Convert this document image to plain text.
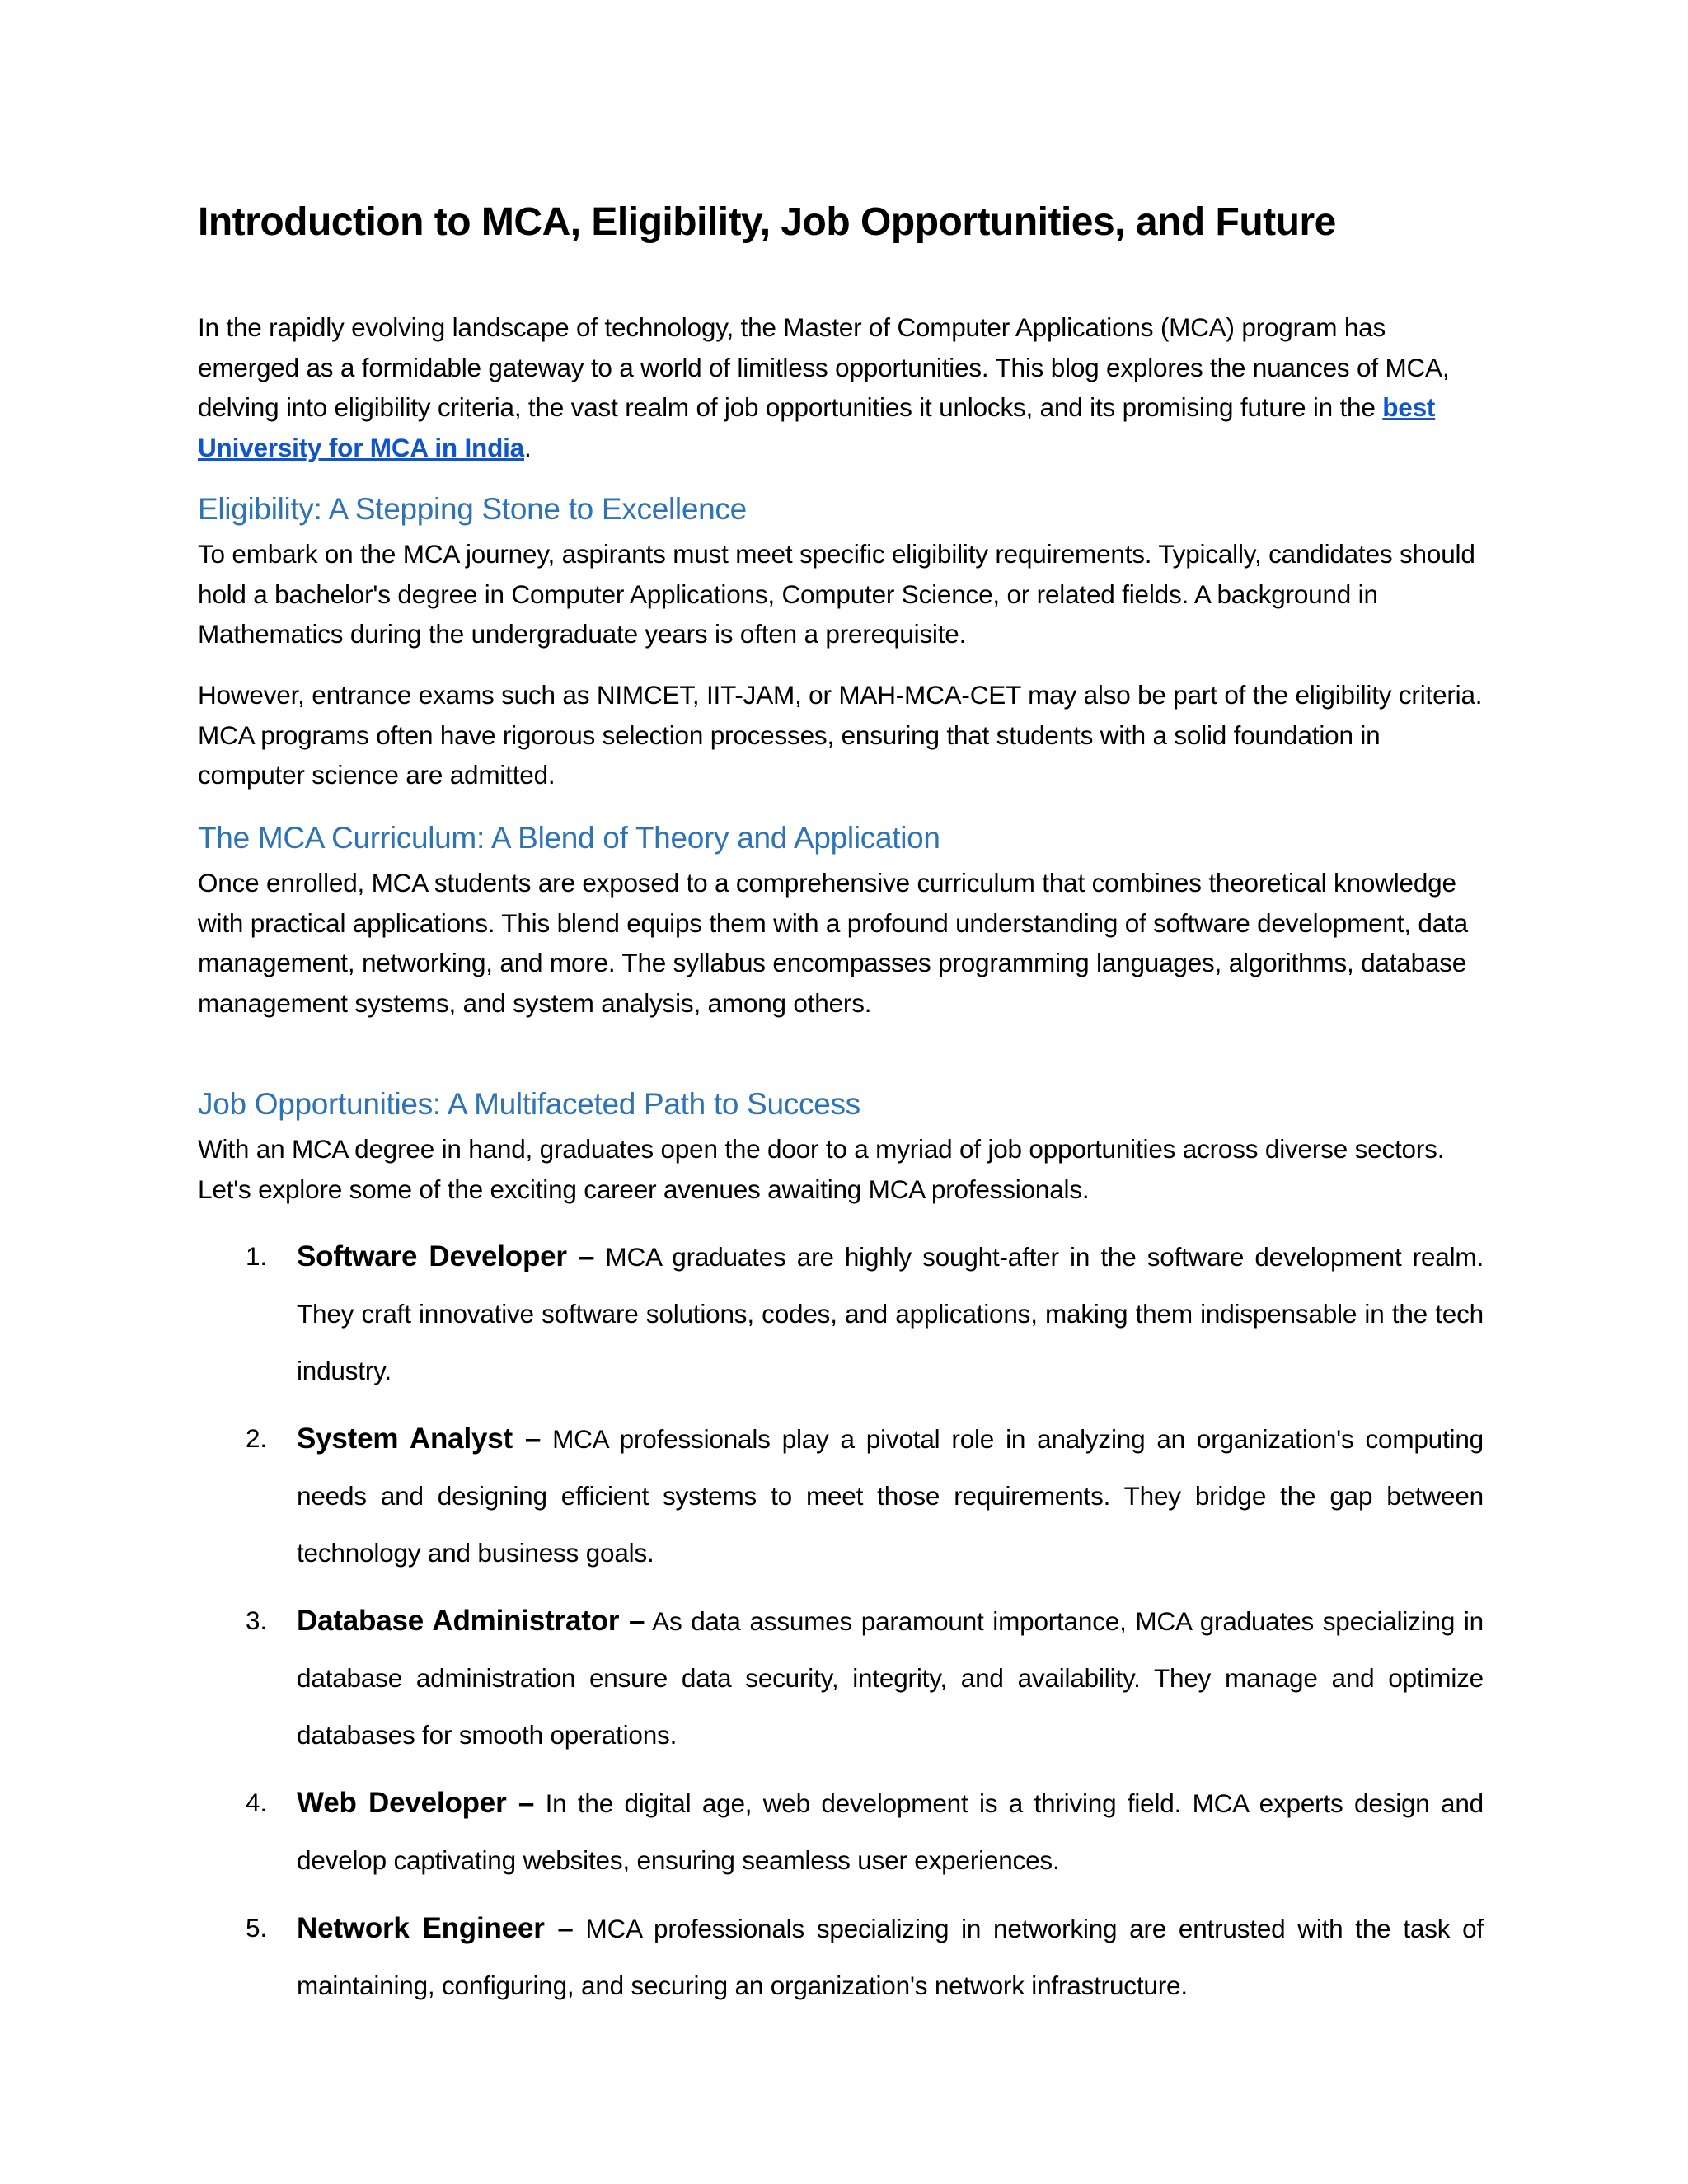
Introduction to MCA, Eligibility, Job Opportunities, and Future

In the rapidly evolving landscape of technology, the Master of Computer Applications (MCA) program has emerged as a formidable gateway to a world of limitless opportunities. This blog explores the nuances of MCA, delving into eligibility criteria, the vast realm of job opportunities it unlocks, and its promising future in the best University for MCA in India.

Eligibility: A Stepping Stone to Excellence

To embark on the MCA journey, aspirants must meet specific eligibility requirements. Typically, candidates should hold a bachelor's degree in Computer Applications, Computer Science, or related fields. A background in Mathematics during the undergraduate years is often a prerequisite.

However, entrance exams such as NIMCET, IIT-JAM, or MAH-MCA-CET may also be part of the eligibility criteria. MCA programs often have rigorous selection processes, ensuring that students with a solid foundation in computer science are admitted.

The MCA Curriculum: A Blend of Theory and Application

Once enrolled, MCA students are exposed to a comprehensive curriculum that combines theoretical knowledge with practical applications. This blend equips them with a profound understanding of software development, data management, networking, and more. The syllabus encompasses programming languages, algorithms, database management systems, and system analysis, among others.

Job Opportunities: A Multifaceted Path to Success

With an MCA degree in hand, graduates open the door to a myriad of job opportunities across diverse sectors. Let's explore some of the exciting career avenues awaiting MCA professionals.

1. Software Developer – MCA graduates are highly sought-after in the software development realm. They craft innovative software solutions, codes, and applications, making them indispensable in the tech industry.
2. System Analyst – MCA professionals play a pivotal role in analyzing an organization's computing needs and designing efficient systems to meet those requirements. They bridge the gap between technology and business goals.
3. Database Administrator – As data assumes paramount importance, MCA graduates specializing in database administration ensure data security, integrity, and availability. They manage and optimize databases for smooth operations.
4. Web Developer – In the digital age, web development is a thriving field. MCA experts design and develop captivating websites, ensuring seamless user experiences.
5. Network Engineer – MCA professionals specializing in networking are entrusted with the task of maintaining, configuring, and securing an organization's network infrastructure.
